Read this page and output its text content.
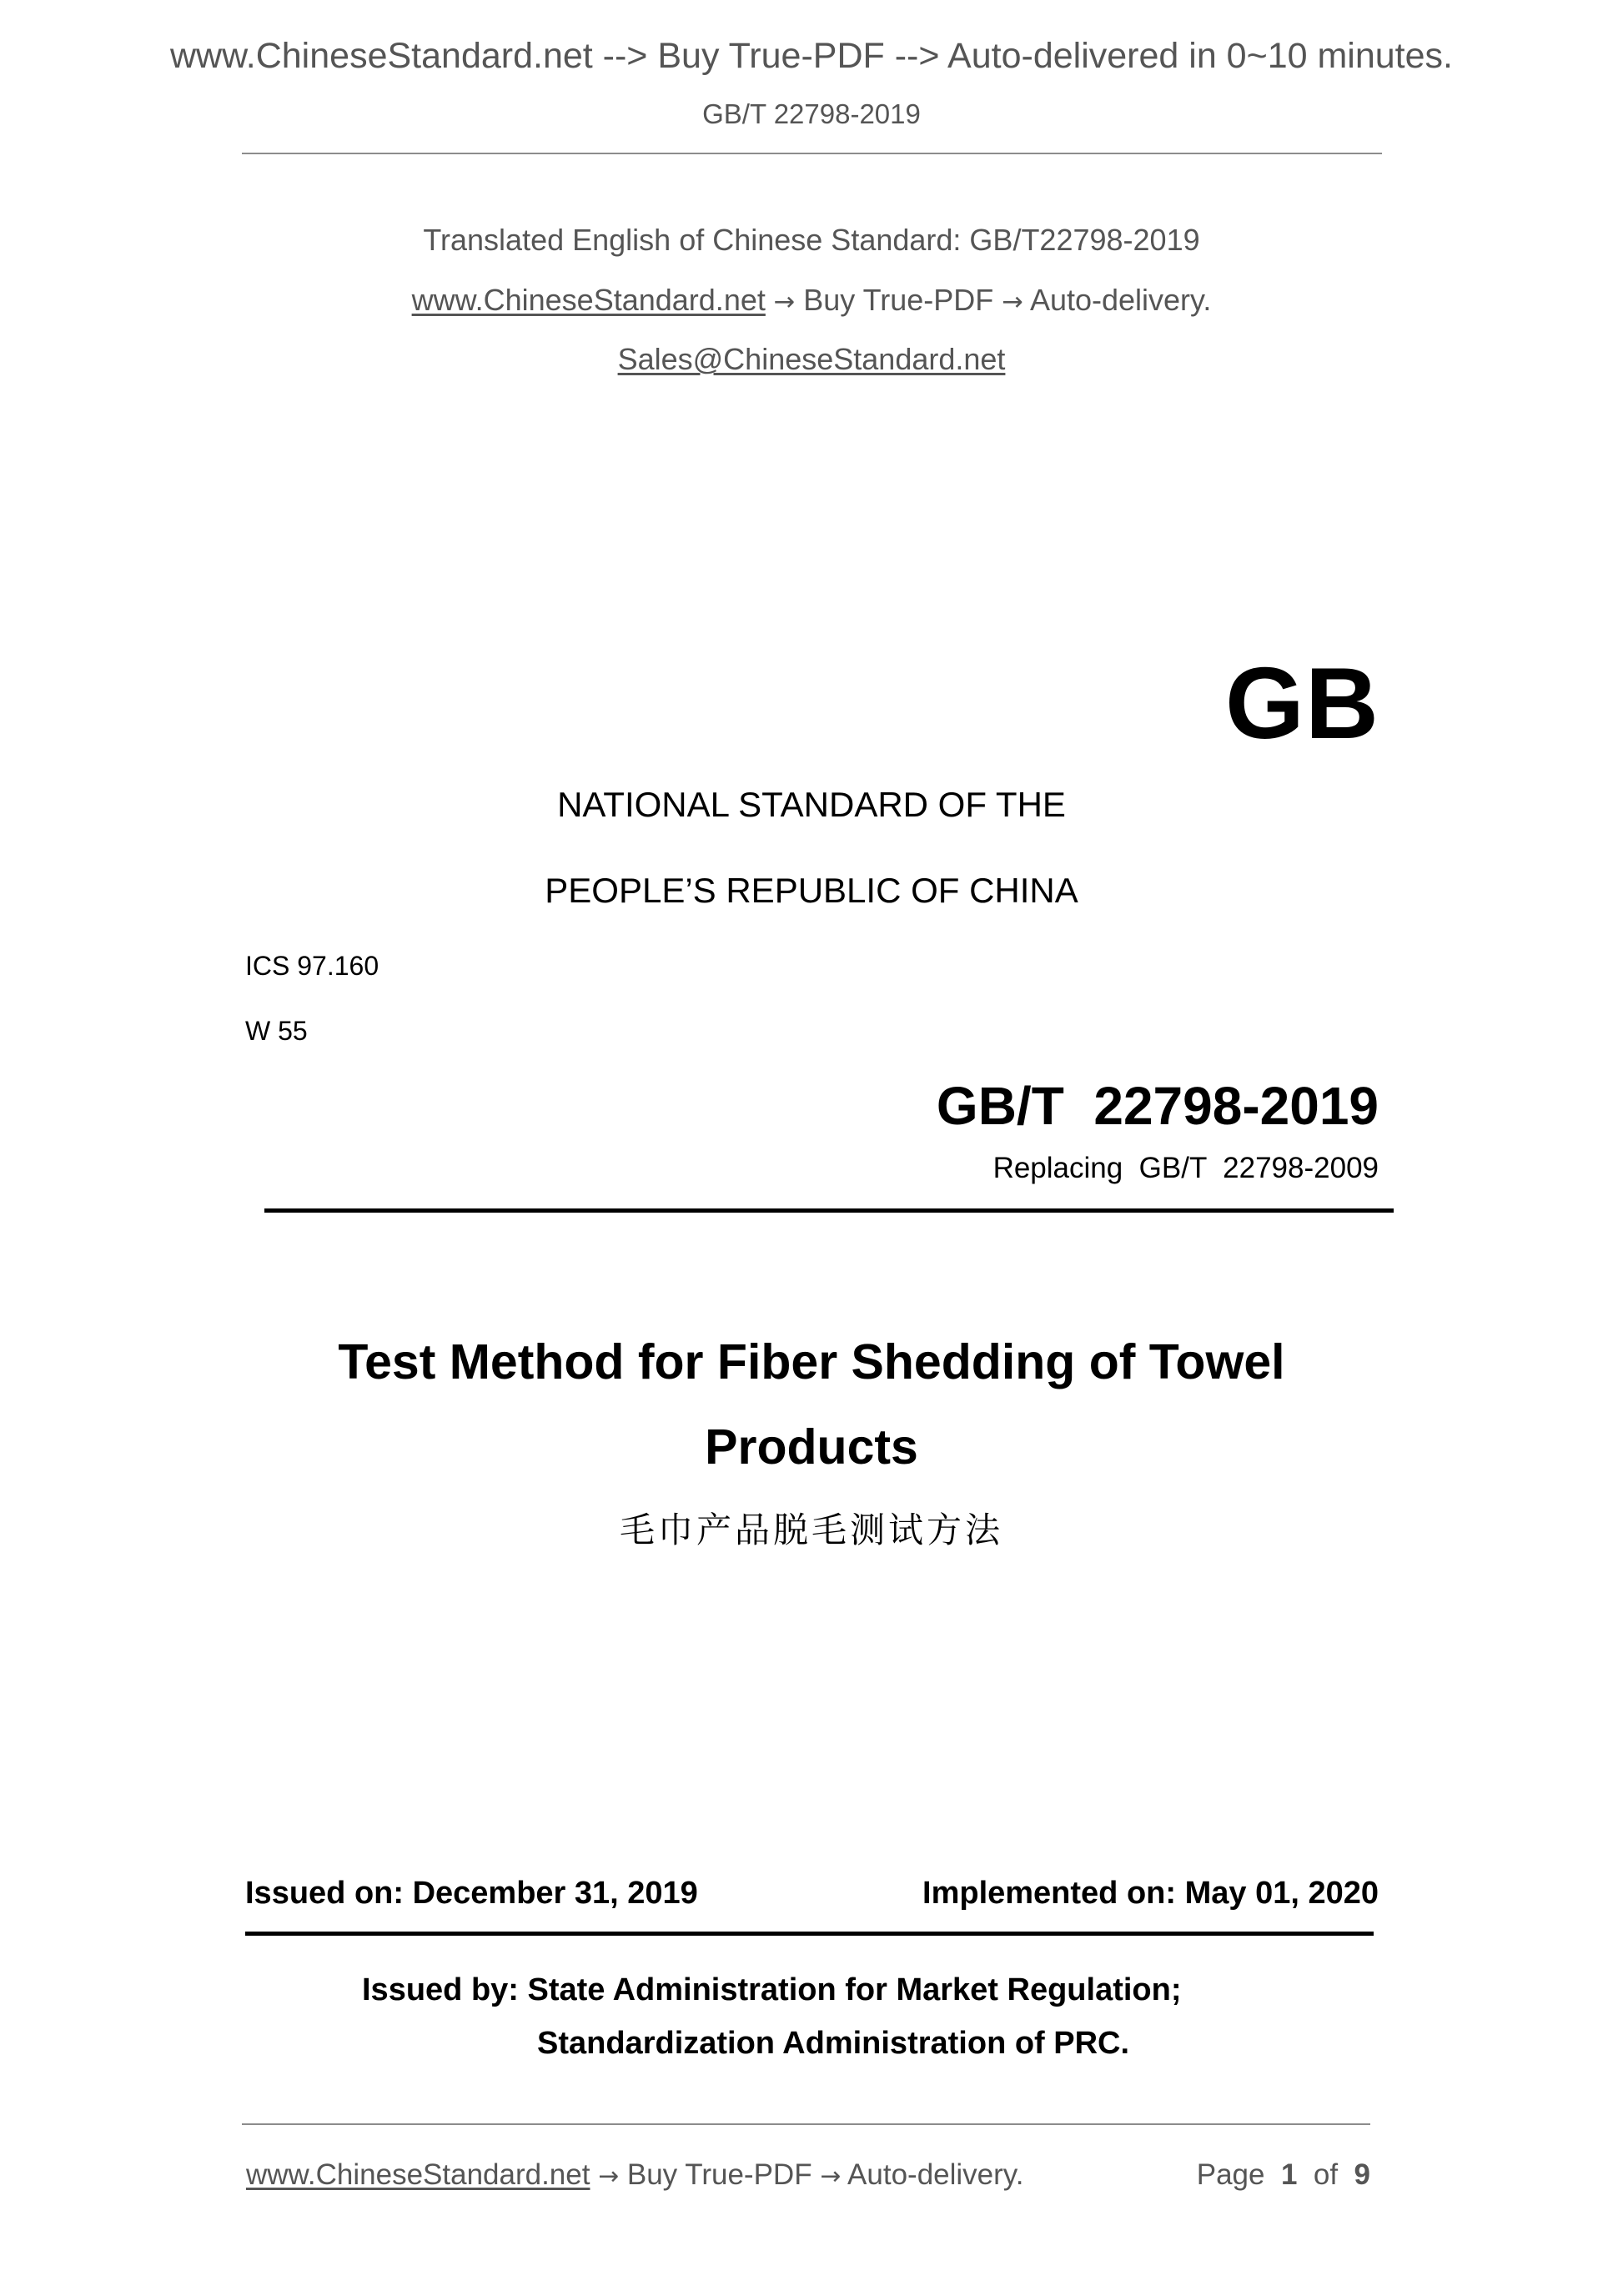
www.ChineseStandard.net --> Buy True-PDF --> Auto-delivered in 0~10 minutes.
GB/T 22798-2019
Translated English of Chinese Standard: GB/T22798-2019
www.ChineseStandard.net → Buy True-PDF → Auto-delivery.
Sales@ChineseStandard.net
GB
NATIONAL STANDARD OF THE
PEOPLE’S REPUBLIC OF CHINA
ICS 97.160
W 55
GB/T  22798-2019
Replacing  GB/T  22798-2009
Test Method for Fiber Shedding of Towel
Products
毛巾产品脱毛测试方法
Issued on: December 31, 2019	Implemented on: May 01, 2020
Issued by: State Administration for Market Regulation;
Standardization Administration of PRC.
www.ChineseStandard.net → Buy True-PDF → Auto-delivery.	Page 1 of 9
